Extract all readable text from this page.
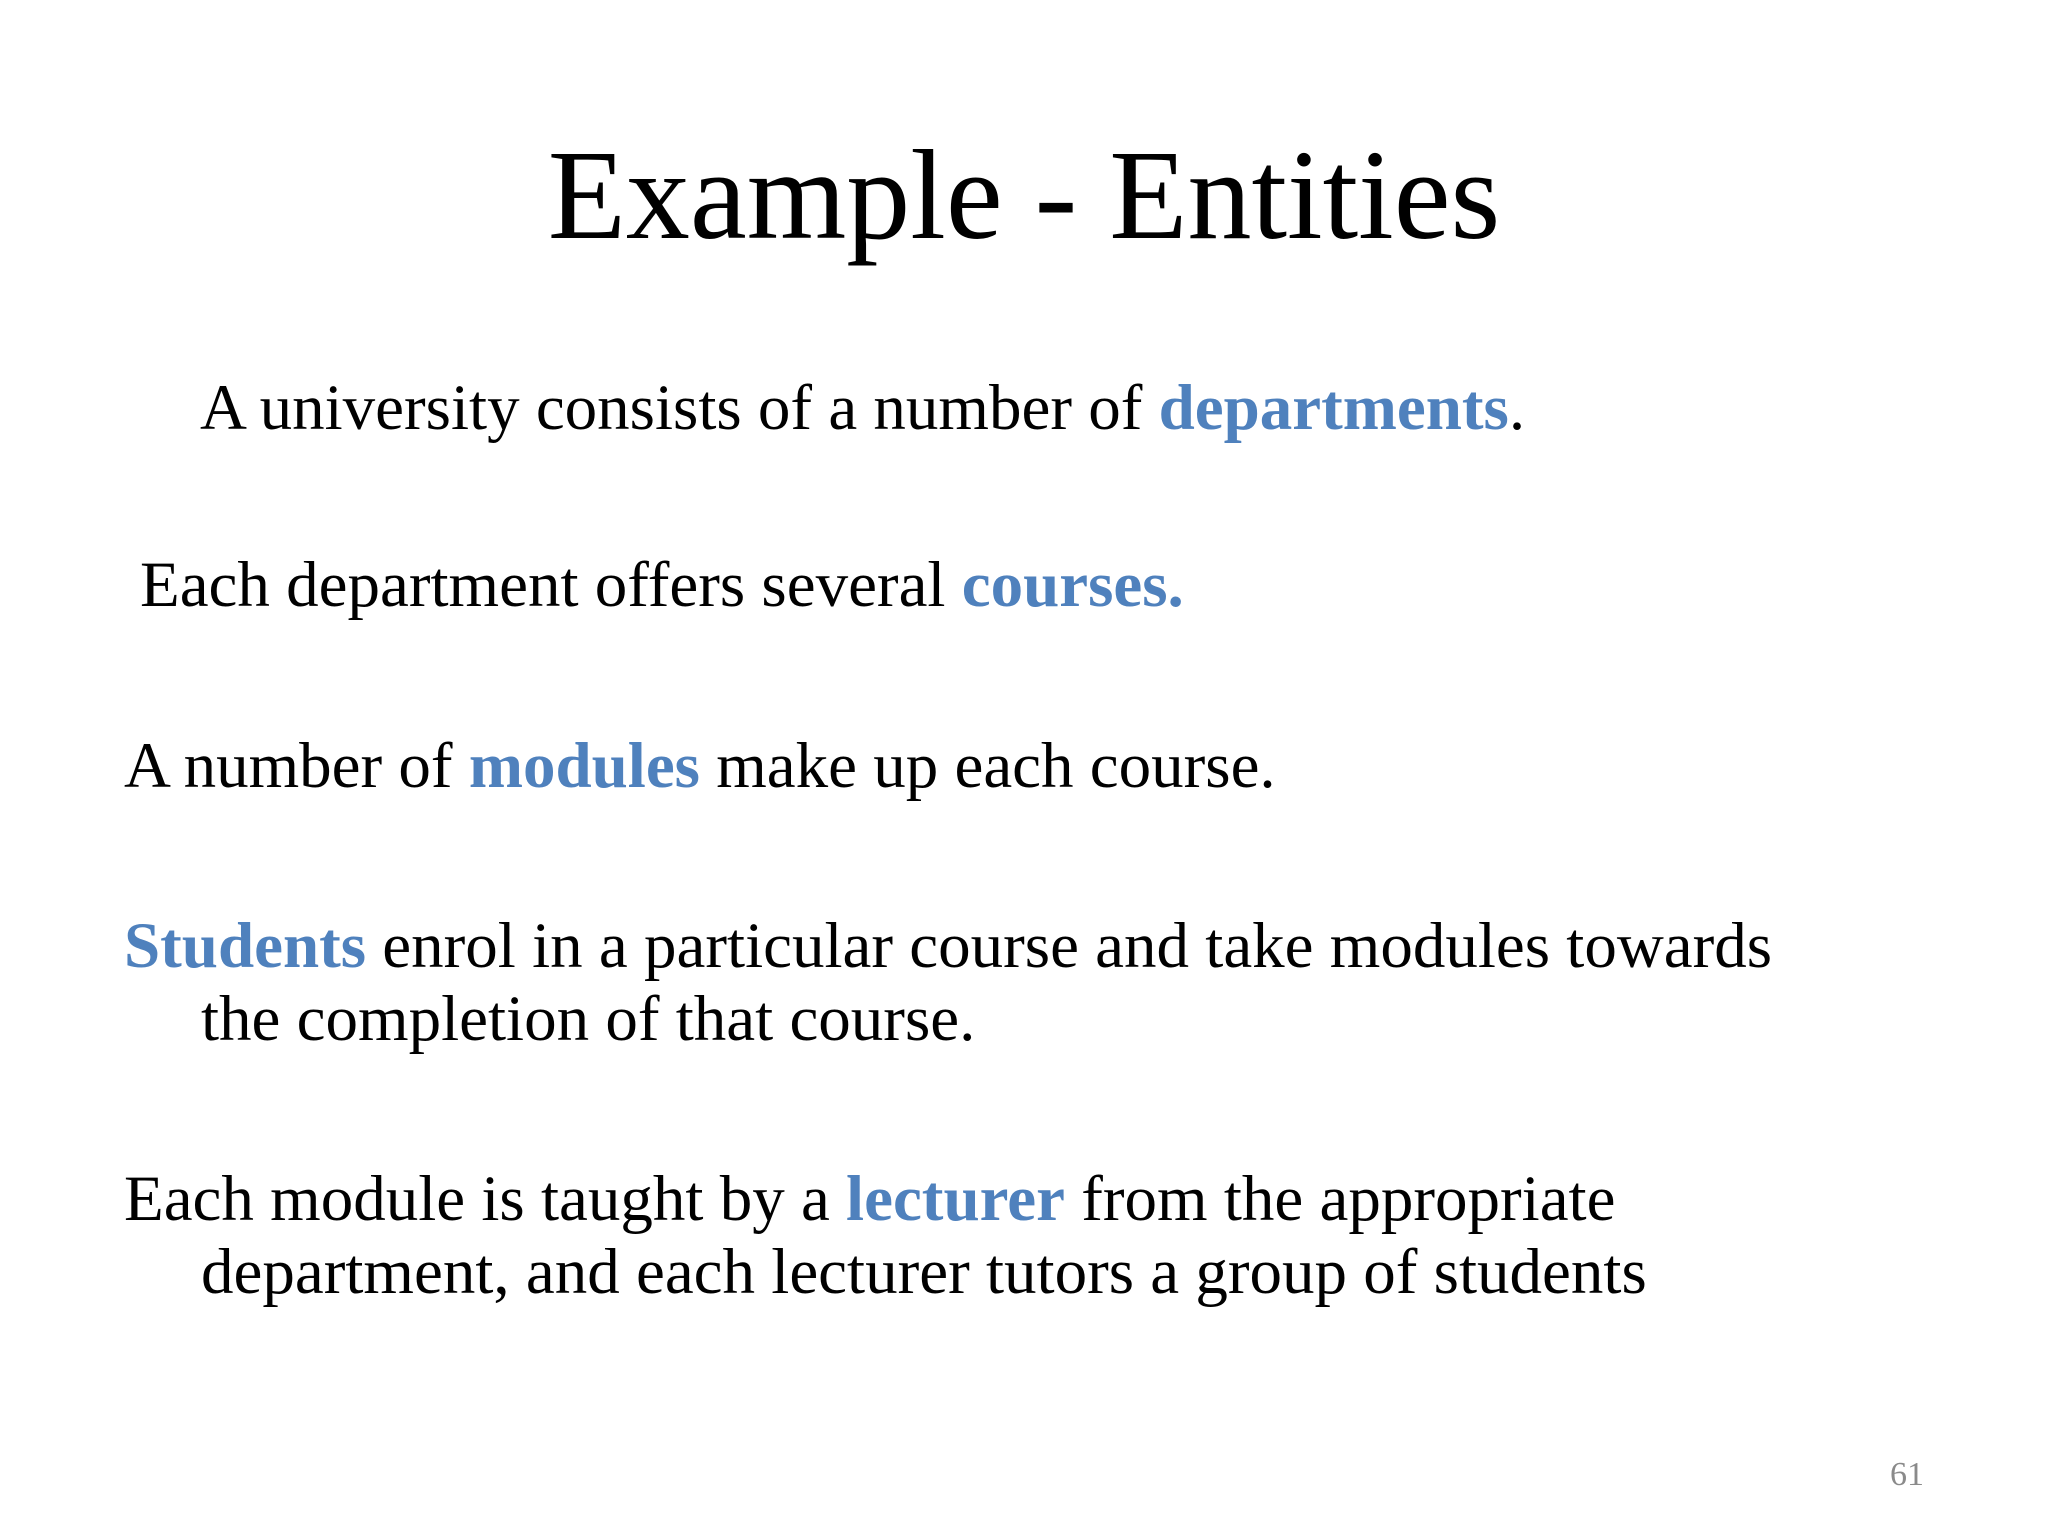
Example - Entities
A university consists of a number of departments.
Each department offers several courses.
A number of modules make up each course.
Students enrol in a particular course and take modules towards
the completion of that course.
Each module is taught by a lecturer from the appropriate
department, and each lecturer tutors a group of students
61
